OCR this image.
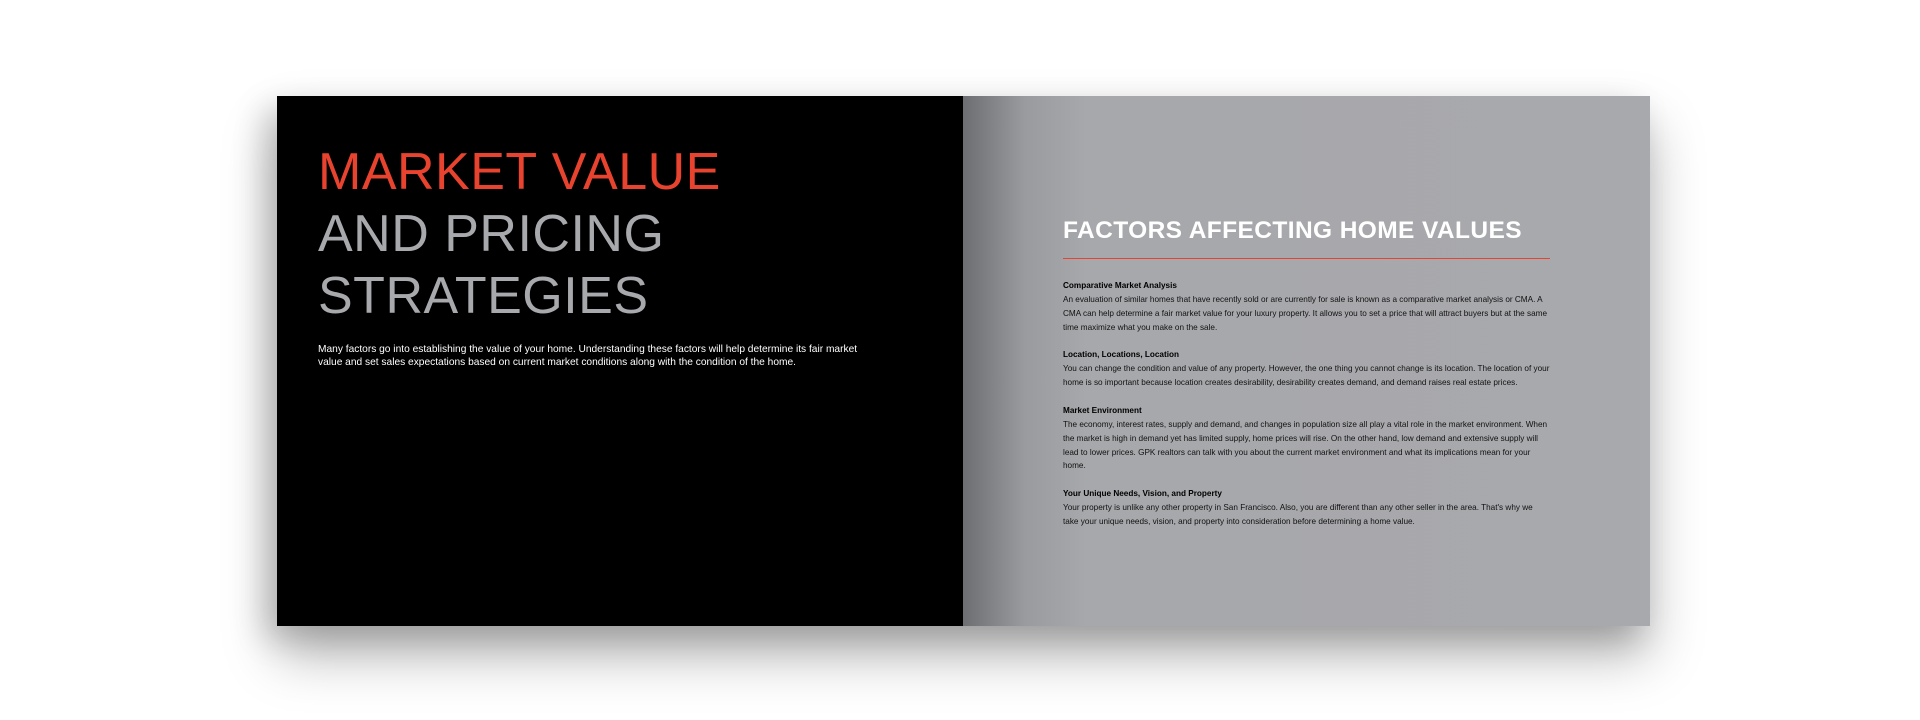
MARKET VALUE
AND PRICING
STRATEGIES
Many factors go into establishing the value of your home. Understanding these factors will help determine its fair market value and set sales expectations based on current market conditions along with the condition of the home.
FACTORS AFFECTING HOME VALUES
Comparative Market Analysis
An evaluation of similar homes that have recently sold or are currently for sale is known as a comparative market analysis or CMA. A CMA can help determine a fair market value for your luxury property. It allows you to set a price that will attract buyers but at the same time maximize what you make on the sale.
Location, Locations, Location
You can change the condition and value of any property. However, the one thing you cannot change is its location. The location of your home is so important because location creates desirability, desirability creates demand, and demand raises real estate prices.
Market Environment
The economy, interest rates, supply and demand, and changes in population size all play a vital role in the market environment. When the market is high in demand yet has limited supply, home prices will rise. On the other hand, low demand and extensive supply will lead to lower prices. GPK realtors can talk with you about the current market environment and what its implications mean for your home.
Your Unique Needs, Vision, and Property
Your property is unlike any other property in San Francisco. Also, you are different than any other seller in the area. That's why we take your unique needs, vision, and property into consideration before determining a home value.
